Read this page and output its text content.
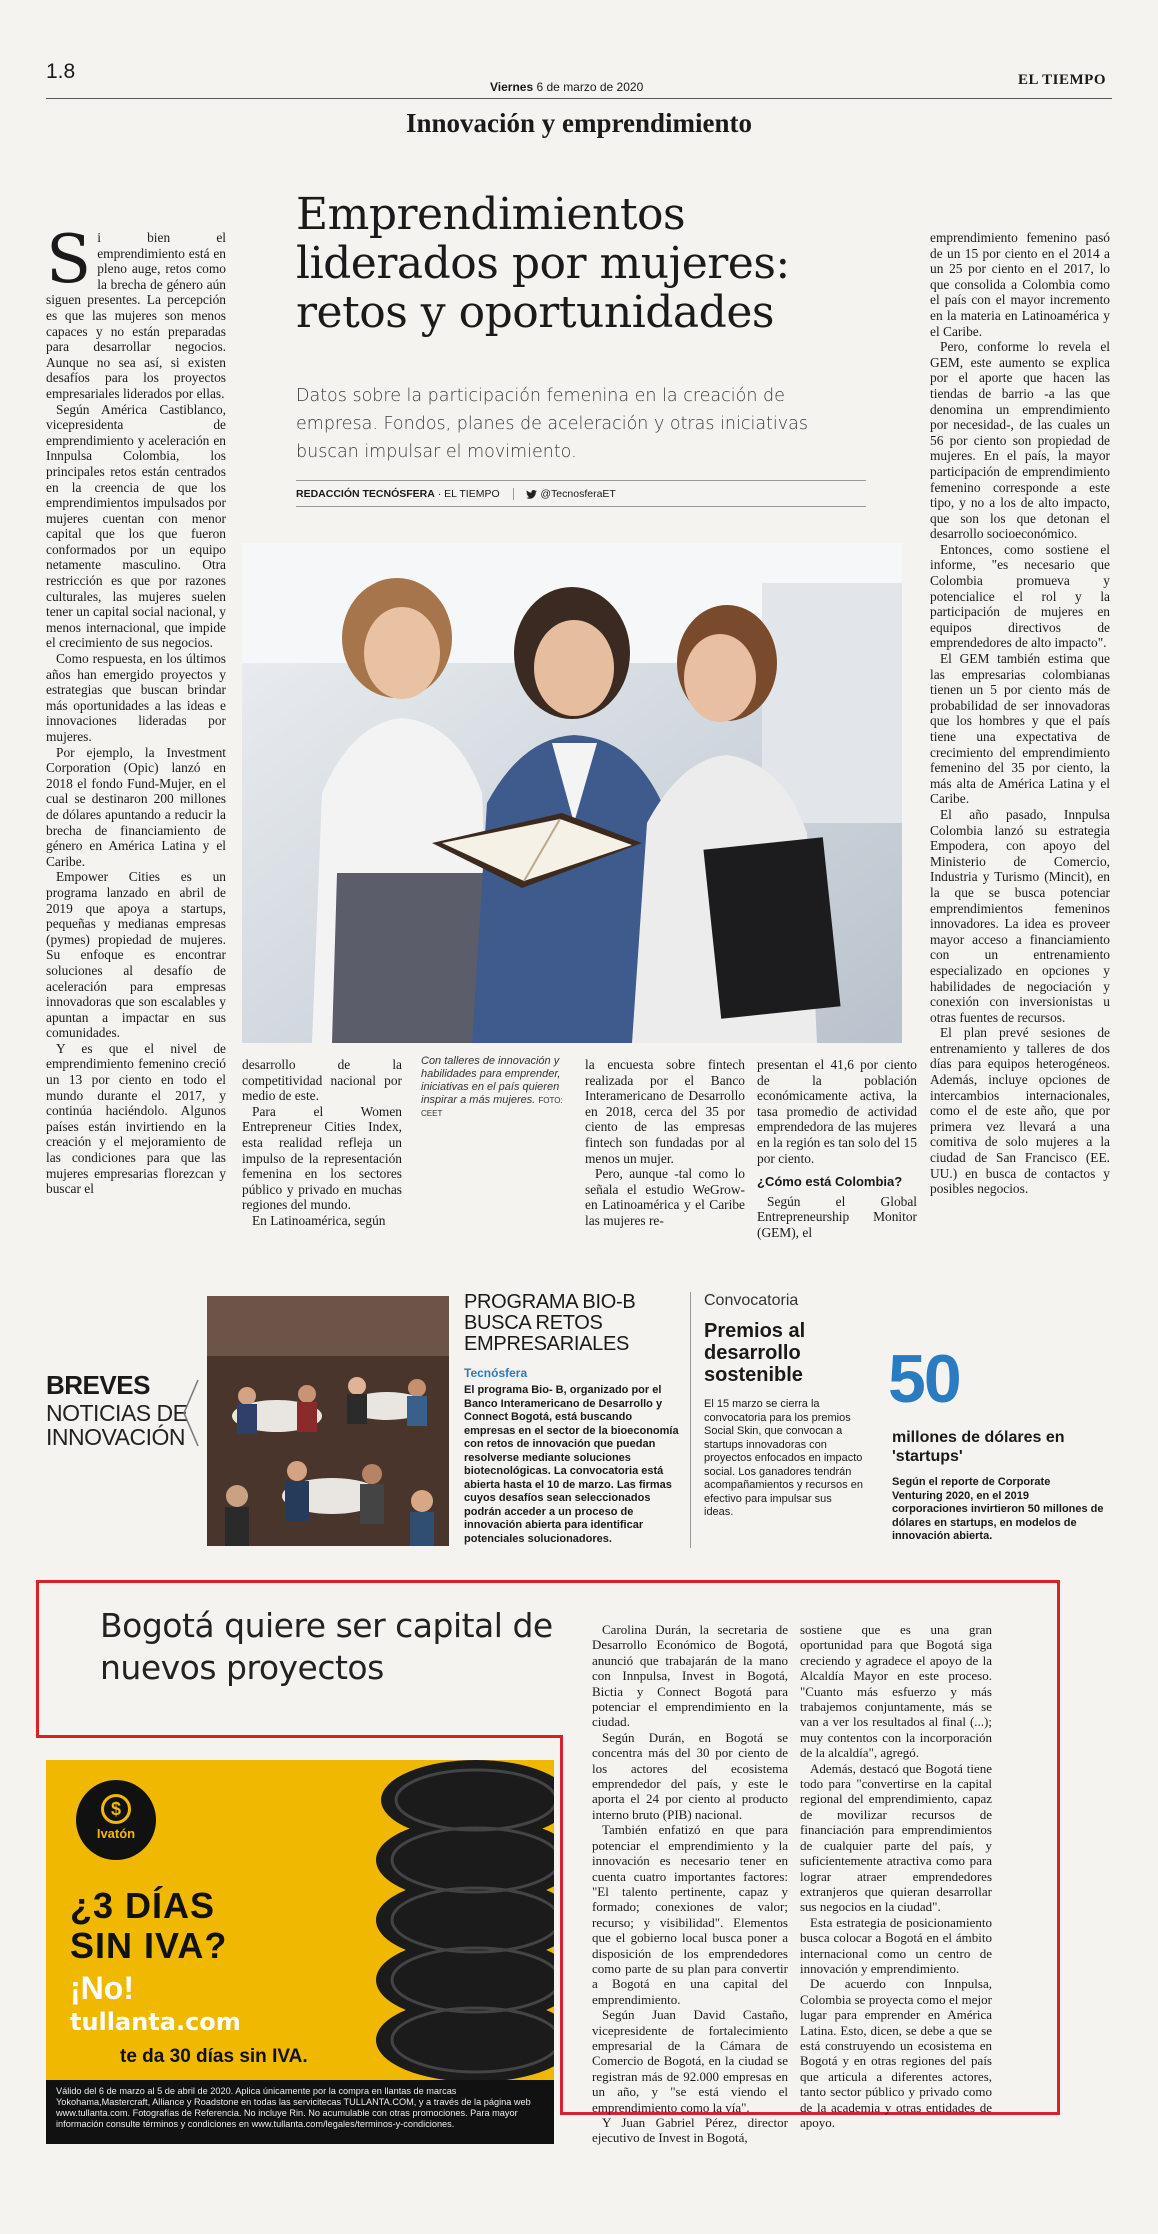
1.8
Viernes 6 de marzo de 2020	EL TIEMPO
Innovación y emprendimiento
Emprendimientos liderados por mujeres: retos y oportunidades
Datos sobre la participación femenina en la creación de empresa. Fondos, planes de aceleración y otras iniciativas buscan impulsar el movimiento.
REDACCIÓN TECNÓSFERA · EL TIEMPO	@TecnosferaET
S i bien el emprendimiento está en pleno auge, retos como la brecha de género aún siguen presentes. La percepción es que las mujeres son menos capaces y no están preparadas para desarrollar negocios. Aunque no sea así, si existen desafíos para los proyectos empresariales liderados por ellas.

Según América Castiblanco, vicepresidenta de emprendimiento y aceleración en Innpulsa Colombia, los principales retos están centrados en la creencia de que los emprendimientos impulsados por mujeres cuentan con menor capital que los que fueron conformados por un equipo netamente masculino. Otra restricción es que por razones culturales, las mujeres suelen tener un capital social nacional, y menos internacional, que impide el crecimiento de sus negocios.

Como respuesta, en los últimos años han emergido proyectos y estrategias que buscan brindar más oportunidades a las ideas e innovaciones lideradas por mujeres.

Por ejemplo, la Investment Corporation (Opic) lanzó en 2018 el fondo Fund-Mujer, en el cual se destinaron 200 millones de dólares apuntando a reducir la brecha de financiamiento de género en América Latina y el Caribe.

Empower Cities es un programa lanzado en abril de 2019 que apoya a startups, pequeñas y medianas empresas (pymes) propiedad de mujeres. Su enfoque es encontrar soluciones al desafío de aceleración para empresas innovadoras que son escalables y apuntan a impactar en sus comunidades.

Y es que el nivel de emprendimiento femenino creció un 13 por ciento en todo el mundo durante el 2017, y continúa haciéndolo. Algunos países están invirtiendo en la creación y el mejoramiento de las condiciones para que las mujeres empresarias florezcan y buscar el

desarrollo de la competitividad nacional por medio de este.

Para el Women Entrepreneur Cities Index, esta realidad refleja un impulso de la representación femenina en los sectores público y privado en muchas regiones del mundo.

En Latinoamérica, según

Con talleres de innovación y habilidades para emprender, iniciativas en el país quieren inspirar a más mujeres. FOTO: CEET

la encuesta sobre fintech realizada por el Banco Interamericano de Desarrollo en 2018, cerca del 35 por ciento de las empresas fintech son fundadas por al menos un mujer.

Pero, aunque -tal como lo señala el estudio WeGrow- en Latinoamérica y el Caribe las mujeres re-

presentan el 41,6 por ciento de la población económicamente activa, la tasa promedio de actividad emprendedora de las mujeres en la región es tan solo del 15 por ciento.

¿Cómo está Colombia?

Según el Global Entrepreneurship Monitor (GEM), el

emprendimiento femenino pasó de un 15 por ciento en el 2014 a un 25 por ciento en el 2017, lo que consolida a Colombia como el país con el mayor incremento en la materia en Latinoamérica y el Caribe.

Pero, conforme lo revela el GEM, este aumento se explica por el aporte que hacen las tiendas de barrio -a las que denomina un emprendimiento por necesidad-, de las cuales un 56 por ciento son propiedad de mujeres. En el país, la mayor participación de emprendimiento femenino corresponde a este tipo, y no a los de alto impacto, que son los que detonan el desarrollo socioeconómico.

Entonces, como sostiene el informe, "es necesario que Colombia promueva y potencialice el rol y la participación de mujeres en equipos directivos de emprendedores de alto impacto".

El GEM también estima que las empresarias colombianas tienen un 5 por ciento más de probabilidad de ser innovadoras que los hombres y que el país tiene una expectativa de crecimiento del emprendimiento femenino del 35 por ciento, la más alta de América Latina y el Caribe.

El año pasado, Innpulsa Colombia lanzó su estrategia Empodera, con apoyo del Ministerio de Comercio, Industria y Turismo (Mincit), en la que se busca potenciar emprendimientos femeninos innovadores. La idea es proveer mayor acceso a financiamiento con un entrenamiento especializado en opciones y habilidades de negociación y conexión con inversionistas u otras fuentes de recursos.

El plan prevé sesiones de entrenamiento y talleres de dos días para equipos heterogéneos. Además, incluye opciones de intercambios internacionales, como el de este año, que por primera vez llevará a una comitiva de solo mujeres a la ciudad de San Francisco (EE. UU.) en busca de contactos y posibles negocios.

BREVES
NOTICIAS DE
INNOVACIÓN
PROGRAMA BIO-B BUSCA RETOS EMPRESARIALES
Tecnósfera
El programa Bio- B, organizado por el Banco Interamericano de Desarrollo y Connect Bogotá, está buscando empresas en el sector de la bioeconomía con retos de innovación que puedan resolverse mediante soluciones biotecnológicas. La convocatoria está abierta hasta el 10 de marzo. Las firmas cuyos desafíos sean seleccionados podrán acceder a un proceso de innovación abierta para identificar potenciales solucionadores.
Convocatoria
Premios al desarrollo sostenible
El 15 marzo se cierra la convocatoria para los premios Social Skin, que convocan a startups innovadoras con proyectos enfocados en impacto social. Los ganadores tendrán acompañamientos y recursos en efectivo para impulsar sus ideas.
50
millones de dólares en 'startups'
Según el reporte de Corporate Venturing 2020, en el 2019 corporaciones invirtieron 50 millones de dólares en startups, en modelos de innovación abierta.
Bogotá quiere ser capital de nuevos proyectos

Carolina Durán, la secretaria de Desarrollo Económico de Bogotá, anunció que trabajarán de la mano con Innpulsa, Invest in Bogotá, Bictia y Connect Bogotá para potenciar el emprendimiento en la ciudad.

Según Durán, en Bogotá se concentra más del 30 por ciento de los actores del ecosistema emprendedor del país, y este le aporta el 24 por ciento al producto interno bruto (PIB) nacional.

También enfatizó en que para potenciar el emprendimiento y la innovación es necesario tener en cuenta cuatro importantes factores: "El talento pertinente, capaz y formado; conexiones de valor; recurso; y visibilidad". Elementos que el gobierno local busca poner a disposición de los emprendedores como parte de su plan para convertir a Bogotá en una capital del emprendimiento.

Según Juan David Castaño, vicepresidente de fortalecimiento empresarial de la Cámara de Comercio de Bogotá, en la ciudad se registran más de 92.000 empresas en un año, y "se está viendo el emprendimiento como la vía".

Y Juan Gabriel Pérez, director ejecutivo de Invest in Bogotá,

sostiene que es una gran oportunidad para que Bogotá siga creciendo y agradece el apoyo de la Alcaldía Mayor en este proceso. "Cuanto más esfuerzo y más trabajemos conjuntamente, más se van a ver los resultados al final (...); muy contentos con la incorporación de la alcaldía", agregó.

Además, destacó que Bogotá tiene todo para "convertirse en la capital regional del emprendimiento, capaz de movilizar recursos de financiación para emprendimientos de cualquier parte del país, y suficientemente atractiva como para lograr atraer emprendedores extranjeros que quieran desarrollar sus negocios en la ciudad".

Esta estrategia de posicionamiento busca colocar a Bogotá en el ámbito internacional como un centro de innovación y emprendimiento.

De acuerdo con Innpulsa, Colombia se proyecta como el mejor lugar para emprender en América Latina. Esto, dicen, se debe a que se está construyendo un ecosistema en Bogotá y en otras regiones del país que articula a diferentes actores, tanto sector público y privado como de la academia y otras entidades de apoyo.

$
Ivatón
¿3 DÍAS
SIN IVA?
¡No!
tullanta.com
te da 30 días sin IVA.
Válido del 6 de marzo al 5 de abril de 2020. Aplica únicamente por la compra en llantas de marcas Yokohama,Mastercraft, Alliance y Roadstone en todas las servicitecas TULLANTA.COM, y a través de la página web www.tullanta.com. Fotografías de Referencia. No incluye Rin. No acumulable con otras promociones. Para mayor información consulte términos y condiciones en www.tullanta.com/legales/terminos-y-condiciones.
